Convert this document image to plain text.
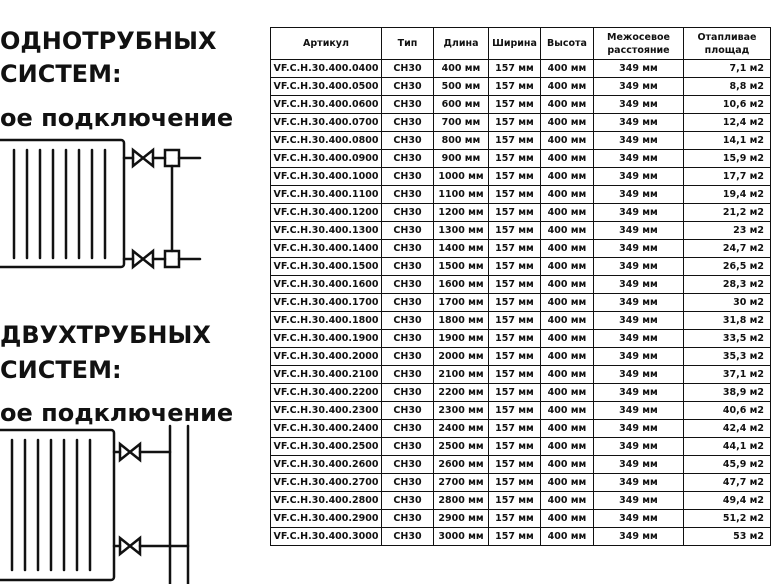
ОДНОТРУБНЫХ
СИСТЕМ:
ое подключение
ДВУХТРУБНЫХ
СИСТЕМ:
ое подключение
Артикул	Тип	Длина	Ширина	Высота	Межосевое расстояние	Отапливае площад
VF.C.H.30.400.0400	CH30	400 мм	157 мм	400 мм	349 мм	7,1 м2
VF.C.H.30.400.0500	CH30	500 мм	157 мм	400 мм	349 мм	8,8 м2
VF.C.H.30.400.0600	CH30	600 мм	157 мм	400 мм	349 мм	10,6 м2
VF.C.H.30.400.0700	CH30	700 мм	157 мм	400 мм	349 мм	12,4 м2
VF.C.H.30.400.0800	CH30	800 мм	157 мм	400 мм	349 мм	14,1 м2
VF.C.H.30.400.0900	CH30	900 мм	157 мм	400 мм	349 мм	15,9 м2
VF.C.H.30.400.1000	CH30	1000 мм	157 мм	400 мм	349 мм	17,7 м2
VF.C.H.30.400.1100	CH30	1100 мм	157 мм	400 мм	349 мм	19,4 м2
VF.C.H.30.400.1200	CH30	1200 мм	157 мм	400 мм	349 мм	21,2 м2
VF.C.H.30.400.1300	CH30	1300 мм	157 мм	400 мм	349 мм	23 м2
VF.C.H.30.400.1400	CH30	1400 мм	157 мм	400 мм	349 мм	24,7 м2
VF.C.H.30.400.1500	CH30	1500 мм	157 мм	400 мм	349 мм	26,5 м2
VF.C.H.30.400.1600	CH30	1600 мм	157 мм	400 мм	349 мм	28,3 м2
VF.C.H.30.400.1700	CH30	1700 мм	157 мм	400 мм	349 мм	30 м2
VF.C.H.30.400.1800	CH30	1800 мм	157 мм	400 мм	349 мм	31,8 м2
VF.C.H.30.400.1900	CH30	1900 мм	157 мм	400 мм	349 мм	33,5 м2
VF.C.H.30.400.2000	CH30	2000 мм	157 мм	400 мм	349 мм	35,3 м2
VF.C.H.30.400.2100	CH30	2100 мм	157 мм	400 мм	349 мм	37,1 м2
VF.C.H.30.400.2200	CH30	2200 мм	157 мм	400 мм	349 мм	38,9 м2
VF.C.H.30.400.2300	CH30	2300 мм	157 мм	400 мм	349 мм	40,6 м2
VF.C.H.30.400.2400	CH30	2400 мм	157 мм	400 мм	349 мм	42,4 м2
VF.C.H.30.400.2500	CH30	2500 мм	157 мм	400 мм	349 мм	44,1 м2
VF.C.H.30.400.2600	CH30	2600 мм	157 мм	400 мм	349 мм	45,9 м2
VF.C.H.30.400.2700	CH30	2700 мм	157 мм	400 мм	349 мм	47,7 м2
VF.C.H.30.400.2800	CH30	2800 мм	157 мм	400 мм	349 мм	49,4 м2
VF.C.H.30.400.2900	CH30	2900 мм	157 мм	400 мм	349 мм	51,2 м2
VF.C.H.30.400.3000	CH30	3000 мм	157 мм	400 мм	349 мм	53 м2
